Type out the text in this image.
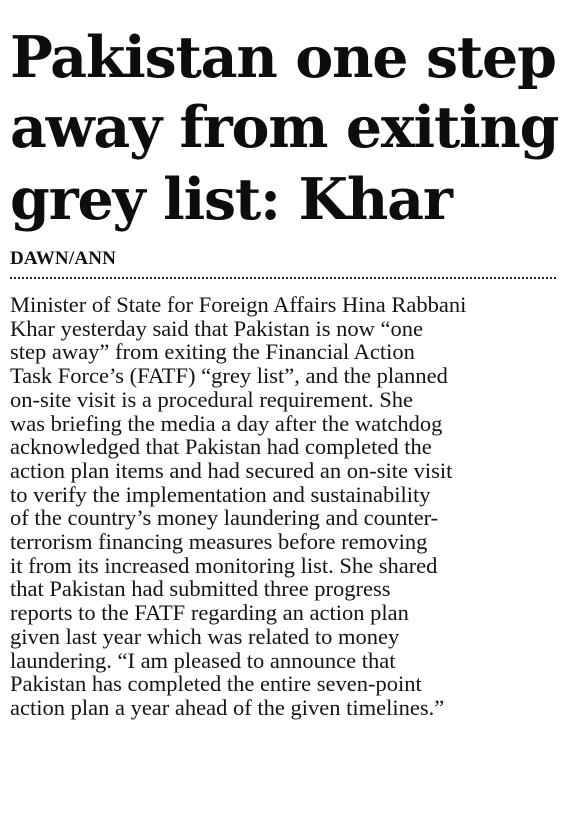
Pakistan one step
away from exiting
grey list: Khar
DAWN/ANN
Minister of State for Foreign Affairs Hina Rabbani
Khar yesterday said that Pakistan is now “one
step away” from exiting the Financial Action
Task Force’s (FATF) “grey list”, and the planned
on-site visit is a procedural requirement. She
was briefing the media a day after the watchdog
acknowledged that Pakistan had completed the
action plan items and had secured an on-site visit
to verify the implementation and sustainability
of the country’s money laundering and counter-
terrorism financing measures before removing
it from its increased monitoring list. She shared
that Pakistan had submitted three progress
reports to the FATF regarding an action plan
given last year which was related to money
laundering. “I am pleased to announce that
Pakistan has completed the entire seven-point
action plan a year ahead of the given timelines.”
